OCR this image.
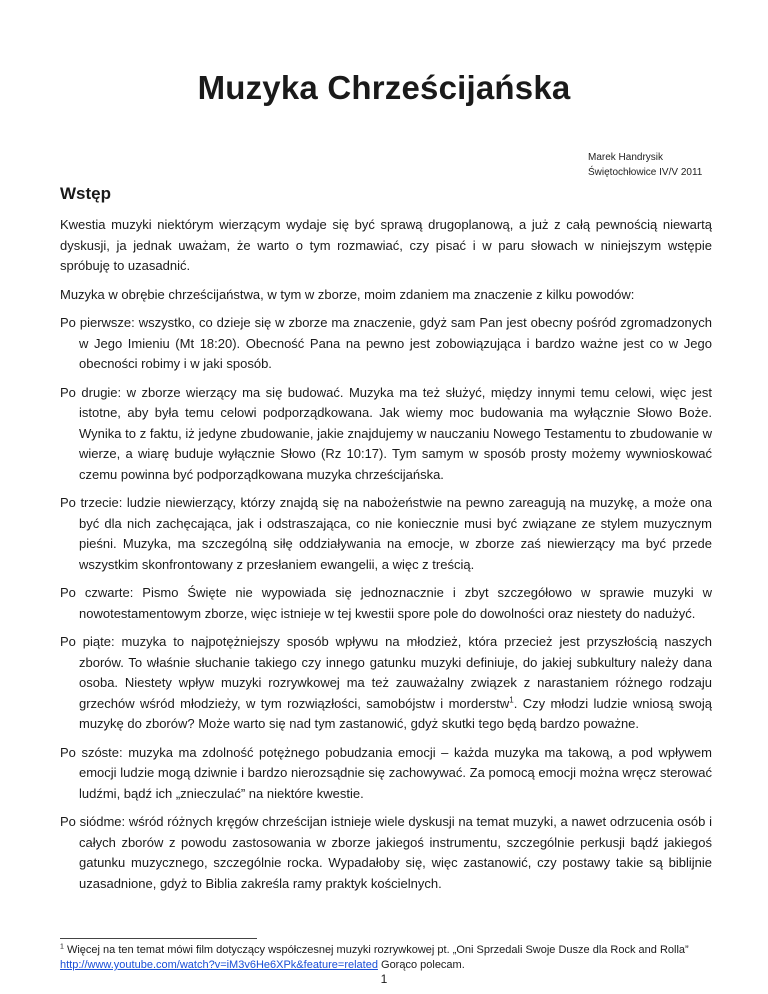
Muzyka Chrześcijańska
Marek Handrysik
Świętochłowice IV/V 2011
Wstęp

Kwestia muzyki niektórym wierzącym wydaje się być sprawą drugoplanową, a już z całą pewnością niewartą dyskusji, ja jednak uważam, że warto o tym rozmawiać, czy pisać i w paru słowach w niniejszym wstępie spróbuję to uzasadnić.

Muzyka w obrębie chrześcijaństwa, w tym w zborze, moim zdaniem ma znaczenie z kilku powodów:

Po pierwsze: wszystko, co dzieje się w zborze ma znaczenie, gdyż sam Pan jest obecny pośród zgromadzonych w Jego Imieniu (Mt 18:20). Obecność Pana na pewno jest zobowiązująca i bardzo ważne jest co w Jego obecności robimy i w jaki sposób.

Po drugie: w zborze wierzący ma się budować. Muzyka ma też służyć, między innymi temu celowi, więc jest istotne, aby była temu celowi podporządkowana. Jak wiemy moc budowania ma wyłącznie Słowo Boże. Wynika to z faktu, iż jedyne zbudowanie, jakie znajdujemy w nauczaniu Nowego Testamentu to zbudowanie w wierze, a wiarę buduje wyłącznie Słowo (Rz 10:17). Tym samym w sposób prosty możemy wywnioskować czemu powinna być podporządkowana muzyka chrześcijańska.

Po trzecie: ludzie niewierzący, którzy znajdą się na nabożeństwie na pewno zareagują na muzykę, a może ona być dla nich zachęcająca, jak i odstraszająca, co nie koniecznie musi być związane ze stylem muzycznym pieśni. Muzyka, ma szczególną siłę oddziaływania na emocje, w zborze zaś niewierzący ma być przede wszystkim skonfrontowany z przesłaniem ewangelii, a więc z treścią.

Po czwarte: Pismo Święte nie wypowiada się jednoznacznie i zbyt szczegółowo w sprawie muzyki w nowotestamentowym zborze, więc istnieje w tej kwestii spore pole do dowolności oraz niestety do nadużyć.

Po piąte: muzyka to najpotężniejszy sposób wpływu na młodzież, która przecież jest przyszłością naszych zborów. To właśnie słuchanie takiego czy innego gatunku muzyki definiuje, do jakiej subkultury należy dana osoba. Niestety wpływ muzyki rozrywkowej ma też zauważalny związek z narastaniem różnego rodzaju grzechów wśród młodzieży, w tym rozwiązłości, samobójstw i morderstw$^1$. Czy młodzi ludzie wniosą swoją muzykę do zborów? Może warto się nad tym zastanowić, gdyż skutki tego będą bardzo poważne.

Po szóste: muzyka ma zdolność potężnego pobudzania emocji – każda muzyka ma takową, a pod wpływem emocji ludzie mogą dziwnie i bardzo nierozsądnie się zachowywać. Za pomocą emocji można wręcz sterować ludźmi, bądź ich „znieczulać” na niektóre kwestie.

Po siódme: wśród różnych kręgów chrześcijan istnieje wiele dyskusji na temat muzyki, a nawet odrzucenia osób i całych zborów z powodu zastosowania w zborze jakiegoś instrumentu, szczególnie perkusji bądź jakiegoś gatunku muzycznego, szczególnie rocka. Wypadałoby się, więc zastanowić, czy postawy takie są biblijnie uzasadnione, gdyż to Biblia zakreśla ramy praktyk kościelnych.

$^1$ Więcej na ten temat mówi film dotyczący współczesnej muzyki rozrywkowej pt. „Oni Sprzedali Swoje Dusze dla Rock and Rolla” http://www.youtube.com/watch?v=iM3v6He6XPk&feature=related Gorąco polecam.
1
